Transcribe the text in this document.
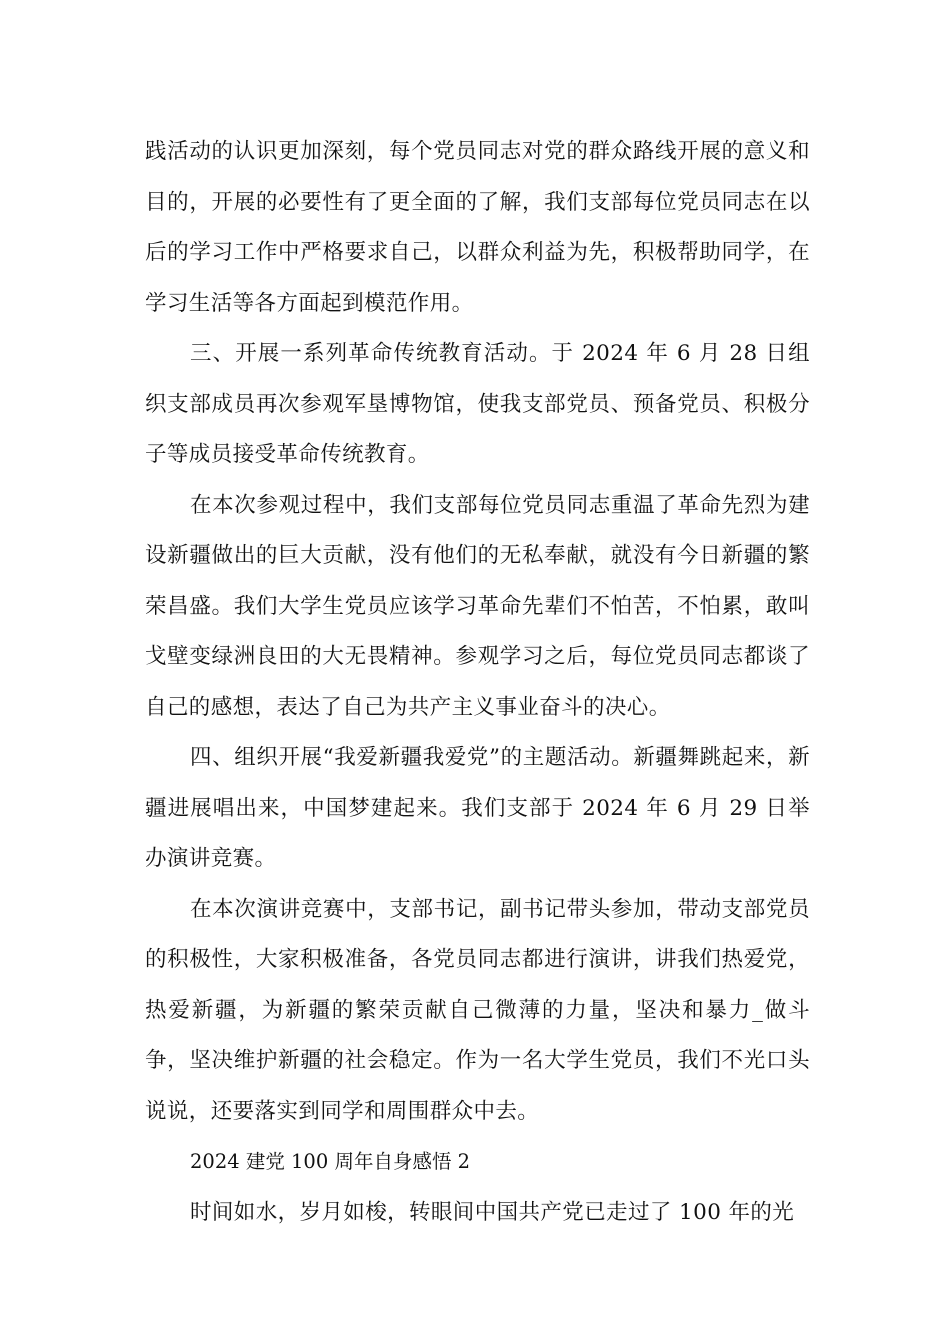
践活动的认识更加深刻，每个党员同志对党的群众路线开展的意义和目的，开展的必要性有了更全面的了解，我们支部每位党员同志在以后的学习工作中严格要求自己，以群众利益为先，积极帮助同学，在学习生活等各方面起到模范作用。

三、开展一系列革命传统教育活动。于 2024 年 6 月 28 日组织支部成员再次参观军垦博物馆，使我支部党员、预备党员、积极分子等成员接受革命传统教育。

在本次参观过程中，我们支部每位党员同志重温了革命先烈为建设新疆做出的巨大贡献，没有他们的无私奉献，就没有今日新疆的繁荣昌盛。我们大学生党员应该学习革命先辈们不怕苦，不怕累，敢叫戈壁变绿洲良田的大无畏精神。参观学习之后，每位党员同志都谈了自己的感想，表达了自己为共产主义事业奋斗的决心。

四、组织开展“我爱新疆我爱党”的主题活动。新疆舞跳起来，新疆进展唱出来，中国梦建起来。我们支部于 2024 年 6 月 29 日举办演讲竞赛。

在本次演讲竞赛中，支部书记，副书记带头参加，带动支部党员的积极性，大家积极准备，各党员同志都进行演讲，讲我们热爱党，热爱新疆，为新疆的繁荣贡献自己微薄的力量，坚决和暴力_做斗争，坚决维护新疆的社会稳定。作为一名大学生党员，我们不光口头说说，还要落实到同学和周围群众中去。

2024 建党 100 周年自身感悟 2

时间如水，岁月如梭，转眼间中国共产党已走过了 100 年的光
